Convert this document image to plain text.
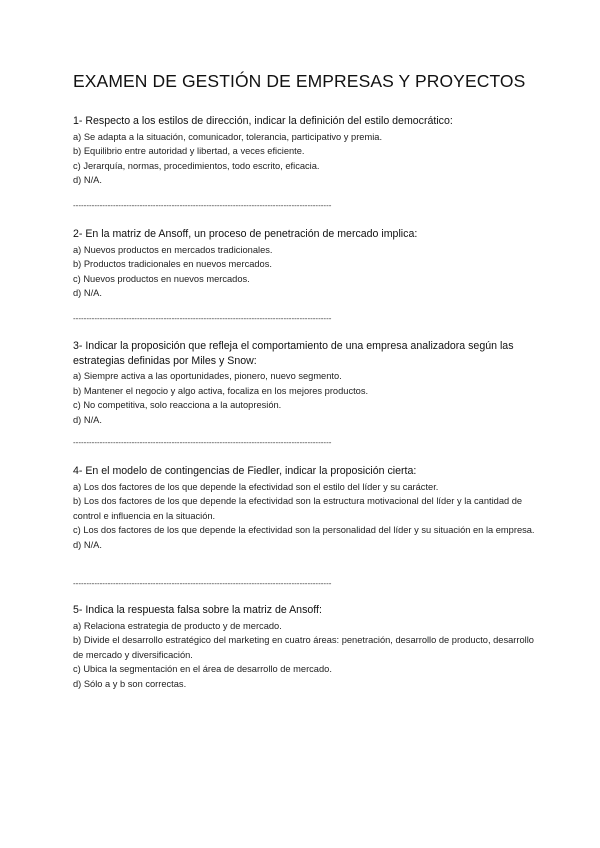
EXAMEN DE GESTIÓN DE EMPRESAS Y PROYECTOS

1- Respecto a los estilos de dirección, indicar la definición del estilo democrático:

a) Se adapta a la situación, comunicador, tolerancia, participativo y premia.

b) Equilibrio entre autoridad y libertad, a veces eficiente.

c) Jerarquía, normas, procedimientos, todo escrito, eficacia.

d) N/A.

-------------------------------------------------------------------------------------------------

2- En la matriz de Ansoff, un proceso de penetración de mercado implica:

a) Nuevos productos en mercados tradicionales.

b) Productos tradicionales en nuevos mercados.

c) Nuevos productos en nuevos mercados.

d) N/A.

-------------------------------------------------------------------------------------------------

3- Indicar la proposición que refleja el comportamiento de una empresa analizadora según las estrategias definidas por Miles y Snow:

a) Siempre activa a las oportunidades, pionero, nuevo segmento.

b) Mantener el negocio y algo activa, focaliza en los mejores productos.

c) No competitiva, solo reacciona a la autopresión.

d) N/A.

-------------------------------------------------------------------------------------------------

4- En el modelo de contingencias de Fiedler, indicar la proposición cierta:

a) Los dos factores de los que depende la efectividad son el estilo del líder y su carácter.

b) Los dos factores de los que depende la efectividad son la estructura motivacional del líder y la cantidad de control e influencia en la situación.

c) Los dos factores de los que depende la efectividad son la personalidad del líder y su situación en la empresa.

d) N/A.

-------------------------------------------------------------------------------------------------

5- Indica la respuesta falsa sobre la matriz de Ansoff:

a) Relaciona estrategia de producto y de mercado.

b) Divide el desarrollo estratégico del marketing en cuatro áreas: penetración, desarrollo de producto, desarrollo de mercado y diversificación.

c) Ubica la segmentación en el área de desarrollo de mercado.

d) Sólo a y b son correctas.
